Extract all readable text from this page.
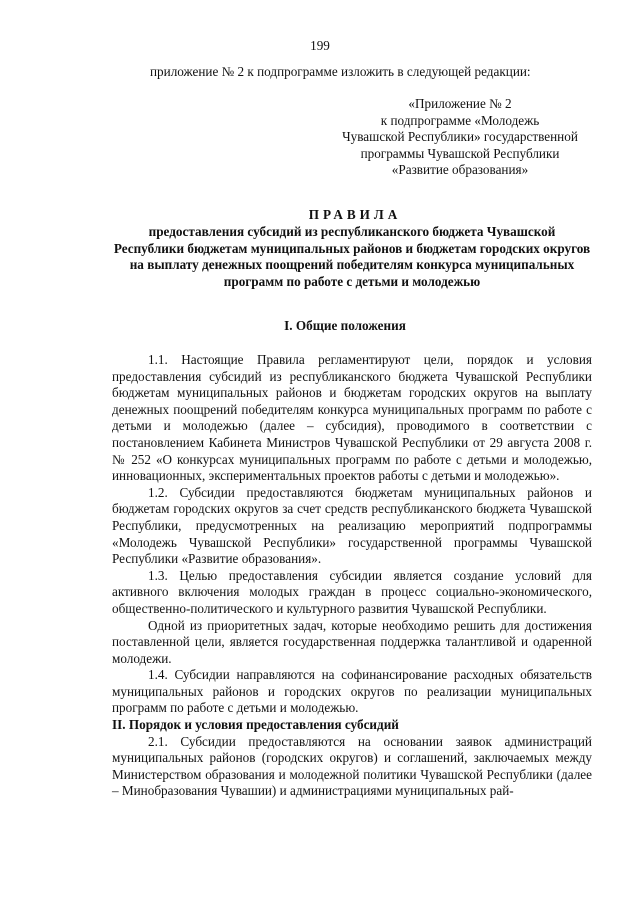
199
приложение № 2 к подпрограмме изложить в следующей редакции:
«Приложение № 2
к подпрограмме «Молодежь
Чувашской Республики» государственной
программы Чувашской Республики
«Развитие образования»
ПРАВИЛА
предоставления субсидий из республиканского бюджета Чувашской Республики бюджетам муниципальных районов и бюджетам городских округов на выплату денежных поощрений победителям конкурса муниципальных программ по работе с детьми и молодежью
I. Общие положения

1.1. Настоящие Правила регламентируют цели, порядок и условия предоставления субсидий из республиканского бюджета Чувашской Республики бюджетам муниципальных районов и бюджетам городских округов на выплату денежных поощрений победителям конкурса муниципальных программ по работе с детьми и молодежью (далее – субсидия), проводимого в соответствии с постановлением Кабинета Министров Чувашской Республики от 29 августа 2008 г. № 252 «О конкурсах муниципальных программ по работе с детьми и молодежью, инновационных, экспериментальных проектов работы с детьми и молодежью».

1.2. Субсидии предоставляются бюджетам муниципальных районов и бюджетам городских округов за счет средств республиканского бюджета Чувашской Республики, предусмотренных на реализацию мероприятий подпрограммы «Молодежь Чувашской Республики» государственной программы Чувашской Республики «Развитие образования».

1.3. Целью предоставления субсидии является создание условий для активного включения молодых граждан в процесс социально-экономического, общественно-политического и культурного развития Чувашской Республики.

Одной из приоритетных задач, которые необходимо решить для достижения поставленной цели, является государственная поддержка талантливой и одаренной молодежи.

1.4. Субсидии направляются на софинансирование расходных обязательств муниципальных районов и городских округов по реализации муниципальных программ по работе с детьми и молодежью.

II. Порядок и условия предоставления субсидий

2.1. Субсидии предоставляются на основании заявок администраций муниципальных районов (городских округов) и соглашений, заключаемых между Министерством образования и молодежной политики Чувашской Республики (далее – Минобразования Чувашии) и администрациями муниципальных рай-
